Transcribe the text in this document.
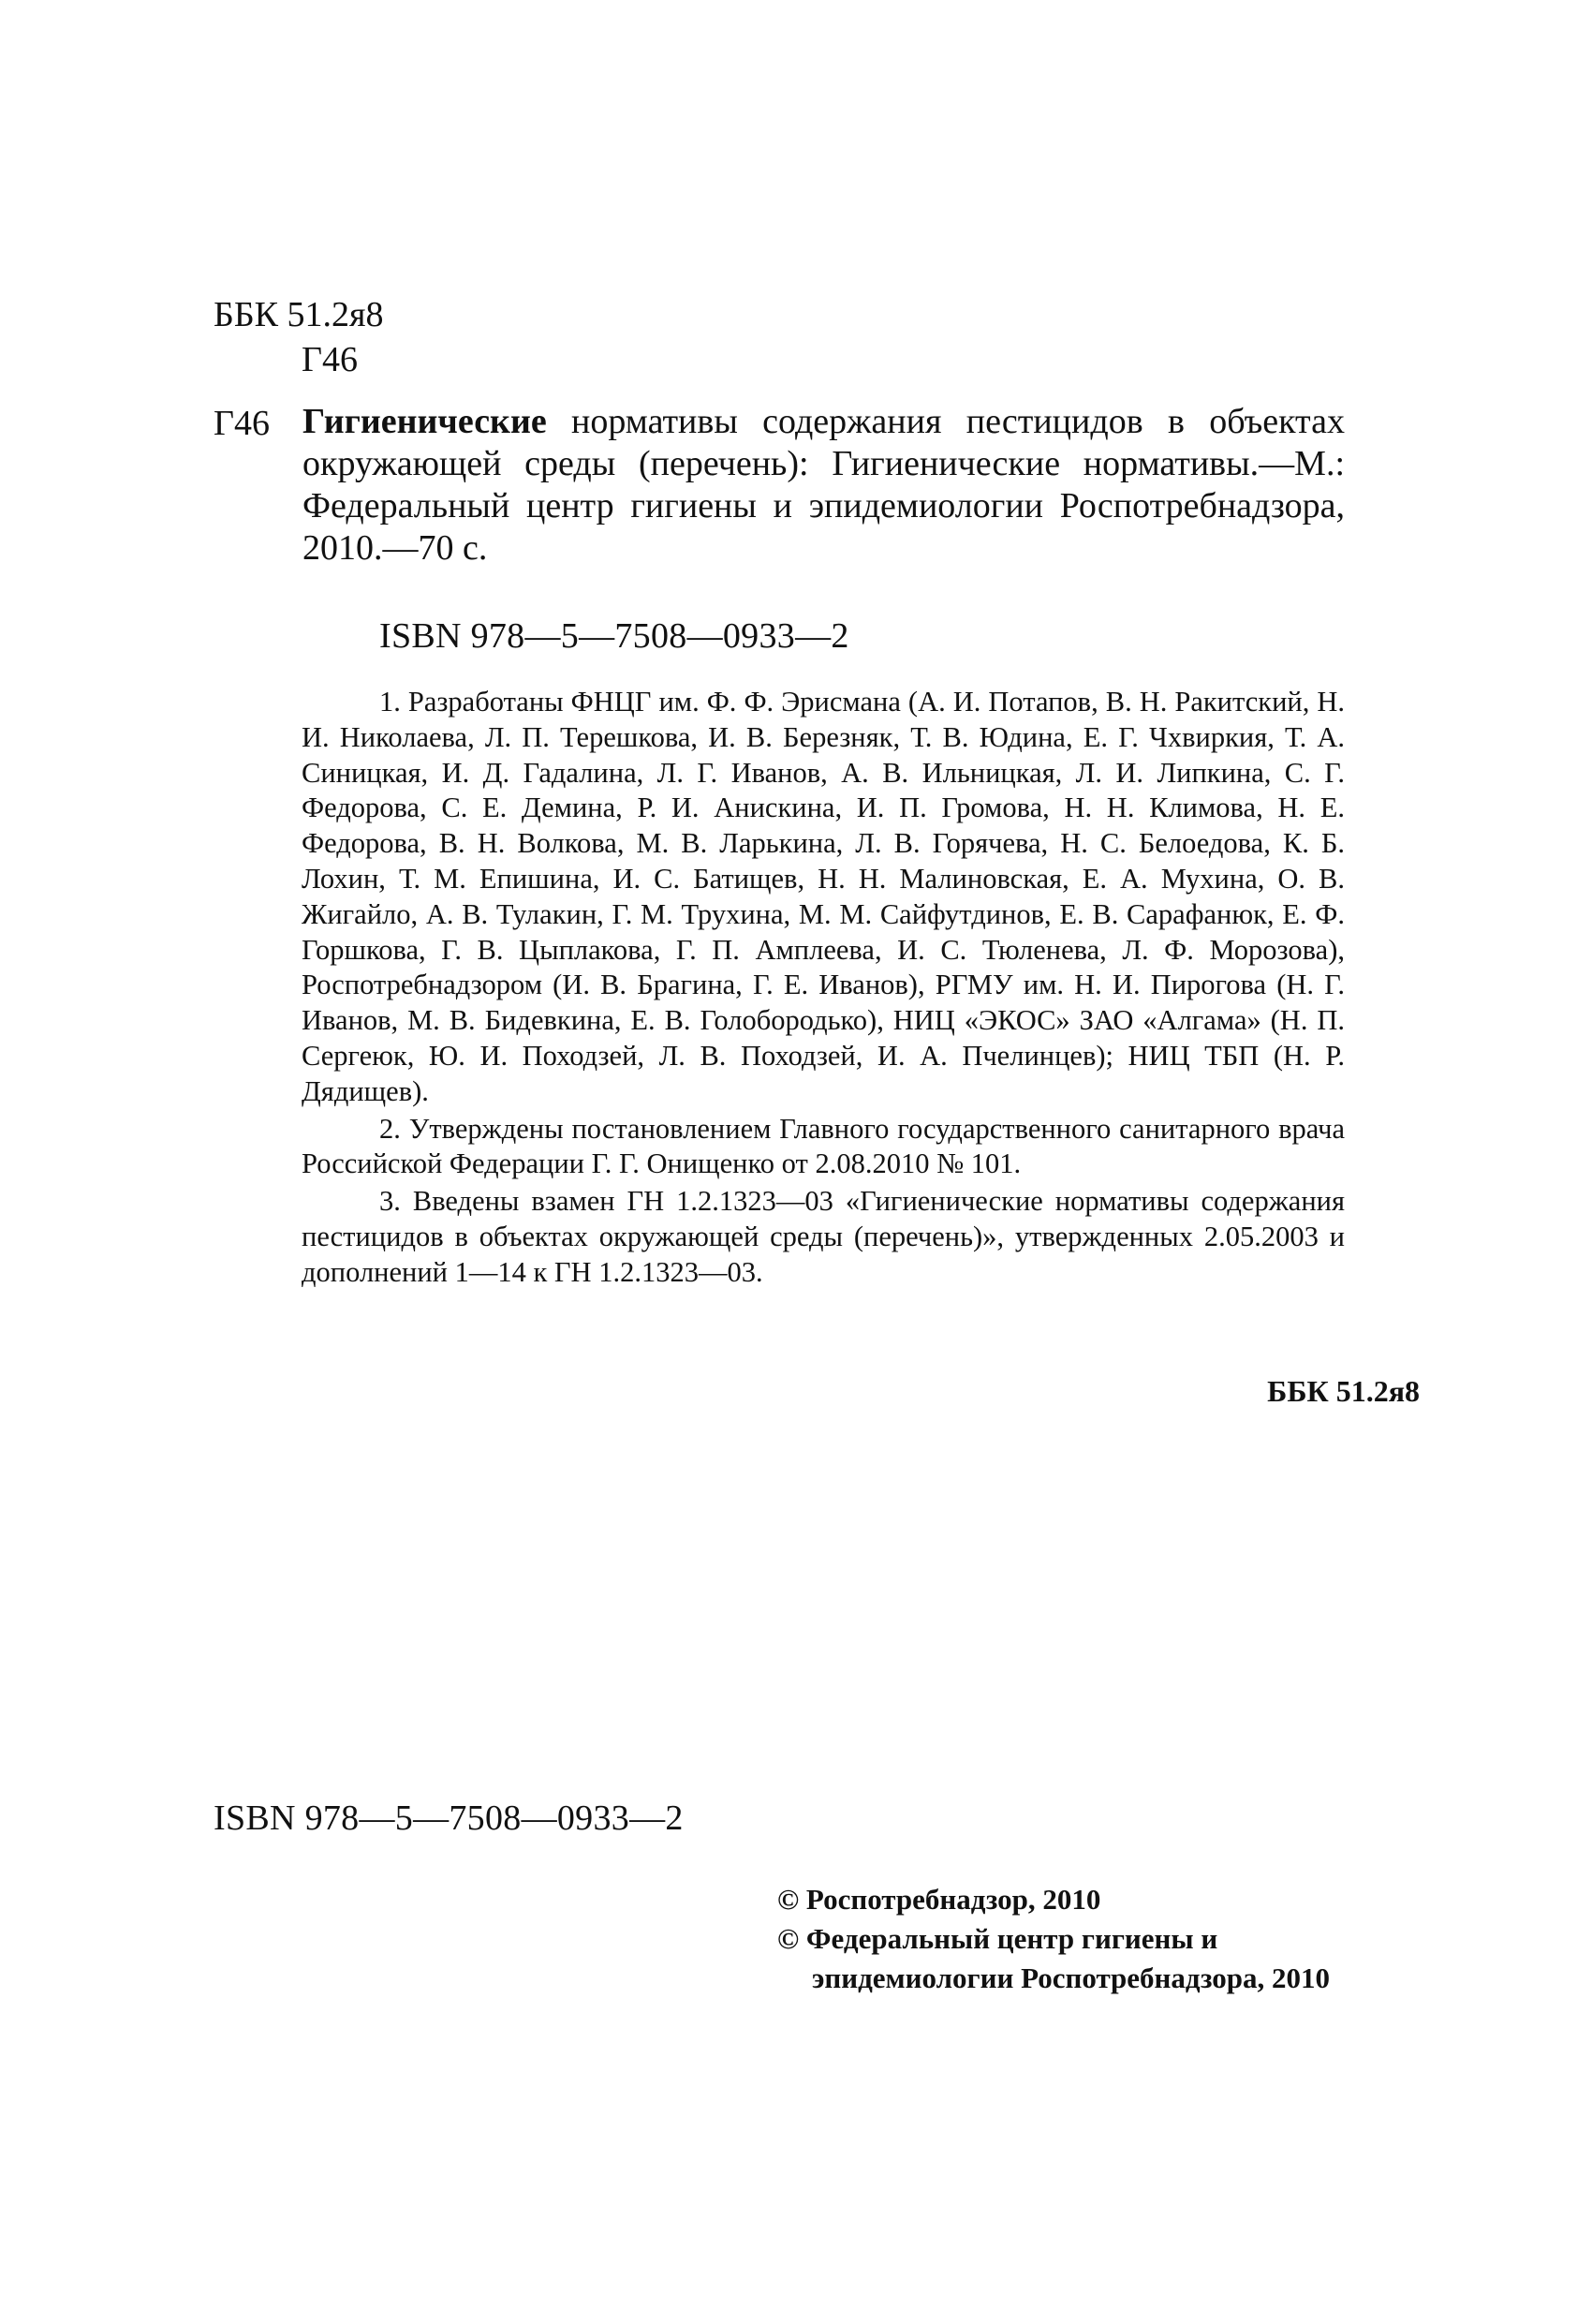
ББК 51.2я8
Г46
Г46 Гигиенические нормативы содержания пестицидов в объектах окружающей среды (перечень): Гигиенические нормативы.—М.: Федеральный центр гигиены и эпидемиологии Роспотребнадзора, 2010.—70 с.

ISBN 978—5—7508—0933—2

1. Разработаны ФНЦГ им. Ф. Ф. Эрисмана (А. И. Потапов, В. Н. Ракитский, Н. И. Николаева, Л. П. Терешкова, И. В. Березняк, Т. В. Юдина, Е. Г. Чхвиркия, Т. А. Синицкая, И. Д. Гадалина, Л. Г. Иванов, А. В. Ильницкая, Л. И. Липкина, С. Г. Федорова, С. Е. Демина, Р. И. Анискина, И. П. Громова, Н. Н. Климова, Н. Е. Федорова, В. Н. Волкова, М. В. Ларькина, Л. В. Горячева, Н. С. Белоедова, К. Б. Лохин, Т. М. Епишина, И. С. Батищев, Н. Н. Малиновская, Е. А. Мухина, О. В. Жигайло, А. В. Тулакин, Г. М. Трухина, М. М. Сайфутдинов, Е. В. Сарафанюк, Е. Ф. Горшкова, Г. В. Цыплакова, Г. П. Амплеева, И. С. Тюленева, Л. Ф. Морозова), Роспотребнадзором (И. В. Брагина, Г. Е. Иванов), РГМУ им. Н. И. Пирогова (Н. Г. Иванов, М. В. Бидевкина, Е. В. Голобородько), НИЦ «ЭКОС» ЗАО «Алгама» (Н. П. Сергеюк, Ю. И. Походзей, Л. В. Походзей, И. А. Пчелинцев); НИЦ ТБП (Н. Р. Дядищев).

2. Утверждены постановлением Главного государственного санитарного врача Российской Федерации Г. Г. Онищенко от 2.08.2010 № 101.

3. Введены взамен ГН 1.2.1323—03 «Гигиенические нормативы содержания пестицидов в объектах окружающей среды (перечень)», утвержденных 2.05.2003 и дополнений 1—14 к ГН 1.2.1323—03.

ББК 51.2я8
ISBN 978—5—7508—0933—2
© Роспотребнадзор, 2010
© Федеральный центр гигиены и
эпидемиологии Роспотребнадзора, 2010
